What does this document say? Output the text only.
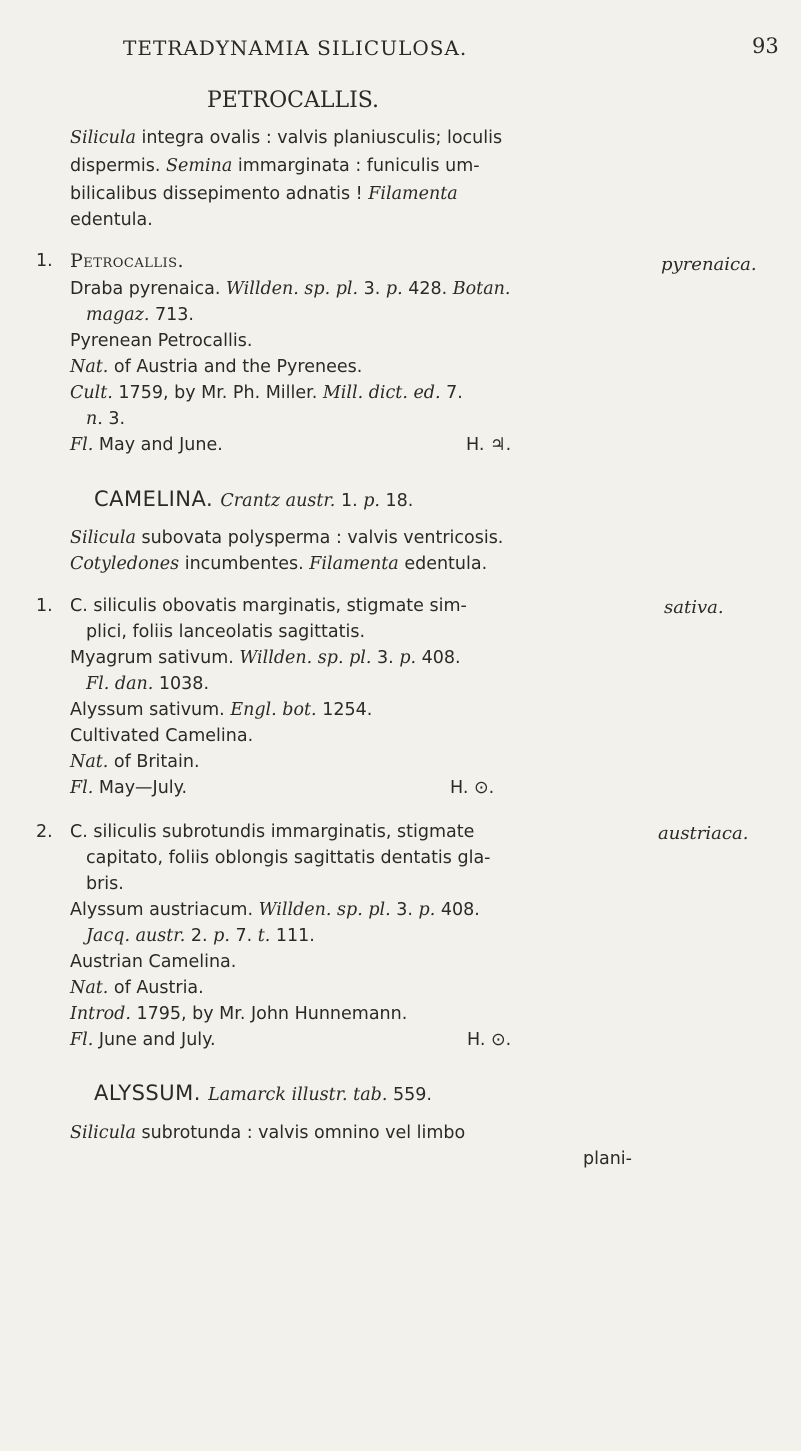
TETRADYNAMIA SILICULOSA.	93
PETROCALLIS.
Silicula integra ovalis : valvis planiusculis; loculis
dispermis. Semina immarginata : funiculis um-
bilicalibus dissepimento adnatis ! Filamenta
edentula.
1. Petrocallis.	pyrenaica.
Draba pyrenaica. Willden. sp. pl. 3. p. 428. Botan.
magaz. 713.
Pyrenean Petrocallis.
Nat. of Austria and the Pyrenees.
Cult. 1759, by Mr. Ph. Miller. Mill. dict. ed. 7.
n. 3.
Fl. May and June.	H. ♃.
CAMELINA. Crantz austr. 1. p. 18.
Silicula subovata polysperma : valvis ventricosis.
Cotyledones incumbentes. Filamenta edentula.
1. C. siliculis obovatis marginatis, stigmate sim-	sativa.
plici, foliis lanceolatis sagittatis.
Myagrum sativum. Willden. sp. pl. 3. p. 408.
Fl. dan. 1038.
Alyssum sativum. Engl. bot. 1254.
Cultivated Camelina.
Nat. of Britain.
Fl. May—July.	H. ⊙.
2. C. siliculis subrotundis immarginatis, stigmate	austriaca.
capitato, foliis oblongis sagittatis dentatis gla-
bris.
Alyssum austriacum. Willden. sp. pl. 3. p. 408.
Jacq. austr. 2. p. 7. t. 111.
Austrian Camelina.
Nat. of Austria.
Introd. 1795, by Mr. John Hunnemann.
Fl. June and July.	H. ⊙.
ALYSSUM. Lamarck illustr. tab. 559.
Silicula subrotunda : valvis omnino vel limbo
plani-
